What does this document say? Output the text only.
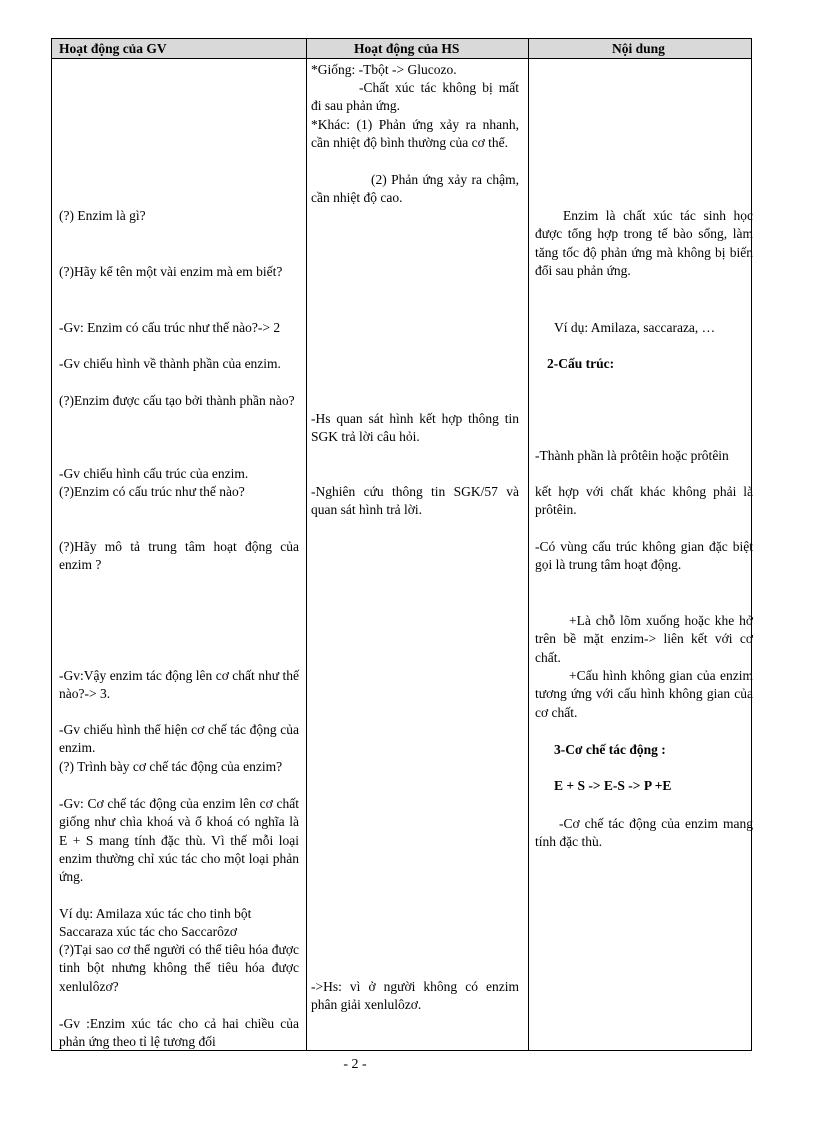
Hoạt động của GV	Hoạt động của HS	Nội dung
(?) Enzim là gì?
(?)Hãy kể tên một vài enzim mà em biết?
-Gv: Enzim có cấu trúc như thế nào?-> 2
-Gv chiếu hình về thành phần của enzim.
(?)Enzim được cấu tạo bởi thành phần nào?
-Gv chiếu hình cấu trúc của enzim.
(?)Enzim có cấu trúc như thế nào?
(?)Hãy mô tả trung tâm hoạt động của enzim ?
-Gv:Vậy enzim tác động lên cơ chất như thế nào?-> 3.
-Gv chiếu hình thể hiện cơ chế tác động của enzim.
(?) Trình bày cơ chế tác động của enzim?
-Gv: Cơ chế tác động của enzim lên cơ chất giống như chìa khoá và ổ khoá có nghĩa là E + S mang tính đặc thù. Vì thế mỗi loại enzim thường chỉ xúc tác cho một loại phản ứng.
Ví dụ: Amilaza xúc tác cho tinh bột
Saccaraza xúc tác cho Saccarôzơ
(?)Tại sao cơ thể người có thể tiêu hóa được tinh bột nhưng không thể tiêu hóa được xenlulôzơ?
-Gv :Enzim xúc tác cho cả hai chiều của phản ứng theo tỉ lệ tương đối
*Giống: -Tbột -> Glucozo.
-Chất xúc tác không bị mất đi sau phản ứng.
*Khác: (1) Phản ứng xảy ra nhanh, cần nhiệt độ bình thường của cơ thể.
(2) Phản ứng xảy ra chậm, cần nhiệt độ cao.
-Hs quan sát hình kết hợp thông tin SGK trả lời câu hỏi.
-Nghiên cứu thông tin SGK/57 và quan sát hình trả lời.
->Hs: vì ở người không có enzim phân giải xenlulôzơ.
Enzim là chất xúc tác sinh học được tổng hợp trong tế bào sống, làm tăng tốc độ phản ứng mà không bị biến đổi sau phản ứng.
Ví dụ: Amilaza, saccaraza, …
2-Cấu trúc:
-Thành phần là prôtêin hoặc prôtêin
kết hợp với chất khác không phải là prôtêin.
-Có vùng cấu trúc không gian đặc biệt gọi là trung tâm hoạt động.
+Là chỗ lõm xuống hoặc khe hở trên bề mặt enzim-> liên kết với cơ chất.
+Cấu hình không gian của enzim tương ứng với cấu hình không gian của cơ chất.
3-Cơ chế tác động :
E + S -> E-S -> P +E
-Cơ chế tác động của enzim mang tính đặc thù.
- 2 -
